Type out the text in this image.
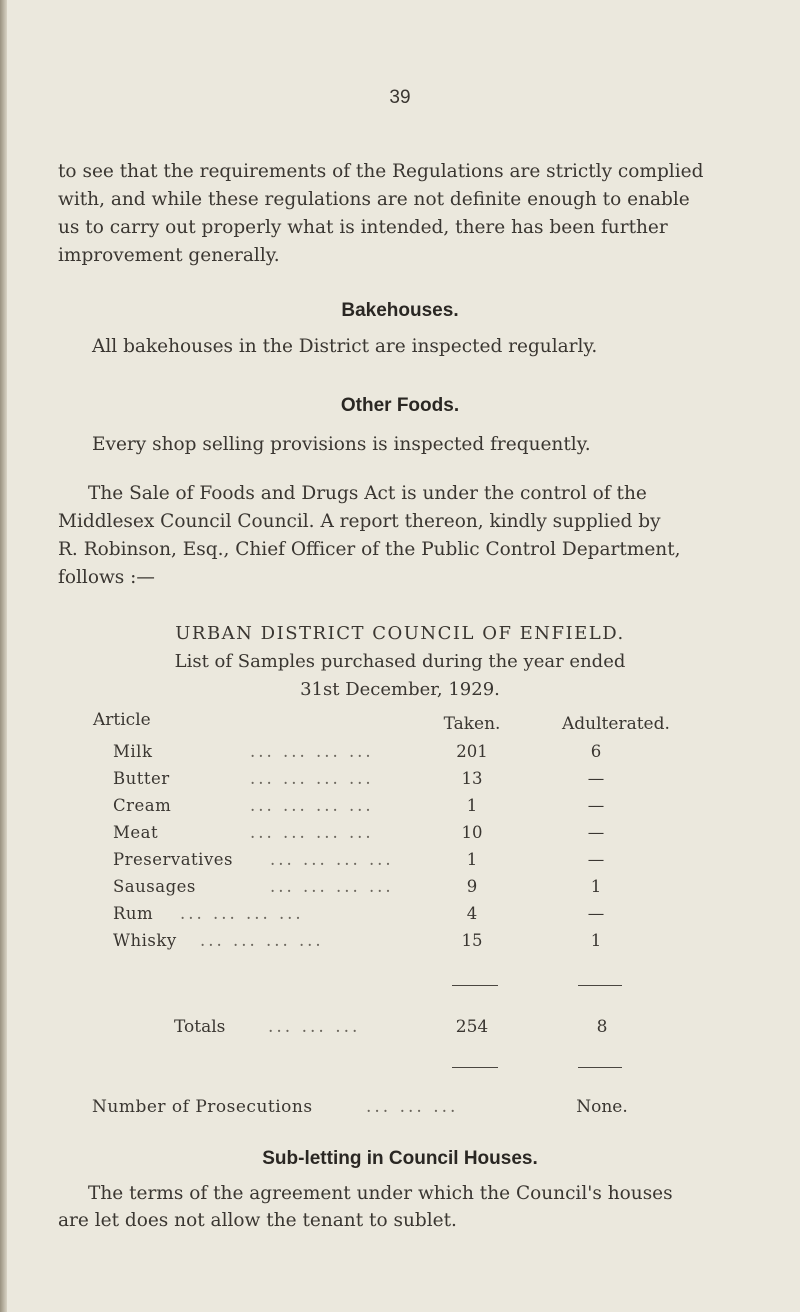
39
to see that the requirements of the Regulations are strictly complied
with, and while these regulations are not definite enough to enable
us to carry out properly what is intended, there has been further
improvement generally.
Bakehouses.
All bakehouses in the District are inspected regularly.
Other Foods.
Every shop selling provisions is inspected frequently.
The Sale of Foods and Drugs Act is under the control of the
Middlesex Council Council. A report thereon, kindly supplied by
R. Robinson, Esq., Chief Officer of the Public Control Department,
follows :—
URBAN DISTRICT COUNCIL OF ENFIELD.
List of Samples purchased during the year ended
31st December, 1929.
Article	Taken.	Adulterated.
Milk	... ... ... ...	201	6
Butter	... ... ... ...	13	—
Cream	... ... ... ...	1	—
Meat	... ... ... ...	10	—
Preservatives ... ... ... ...	1	—
Sausages	... ... ... ...	9	1
Rum ... ... ... ...	4	—
Whisky ... ... ... ...	15	1
Totals	... ... ...	254	8
Number of Prosecutions	... ... ...	None.
Sub-letting in Council Houses.
The terms of the agreement under which the Council's houses
are let does not allow the tenant to sublet.
